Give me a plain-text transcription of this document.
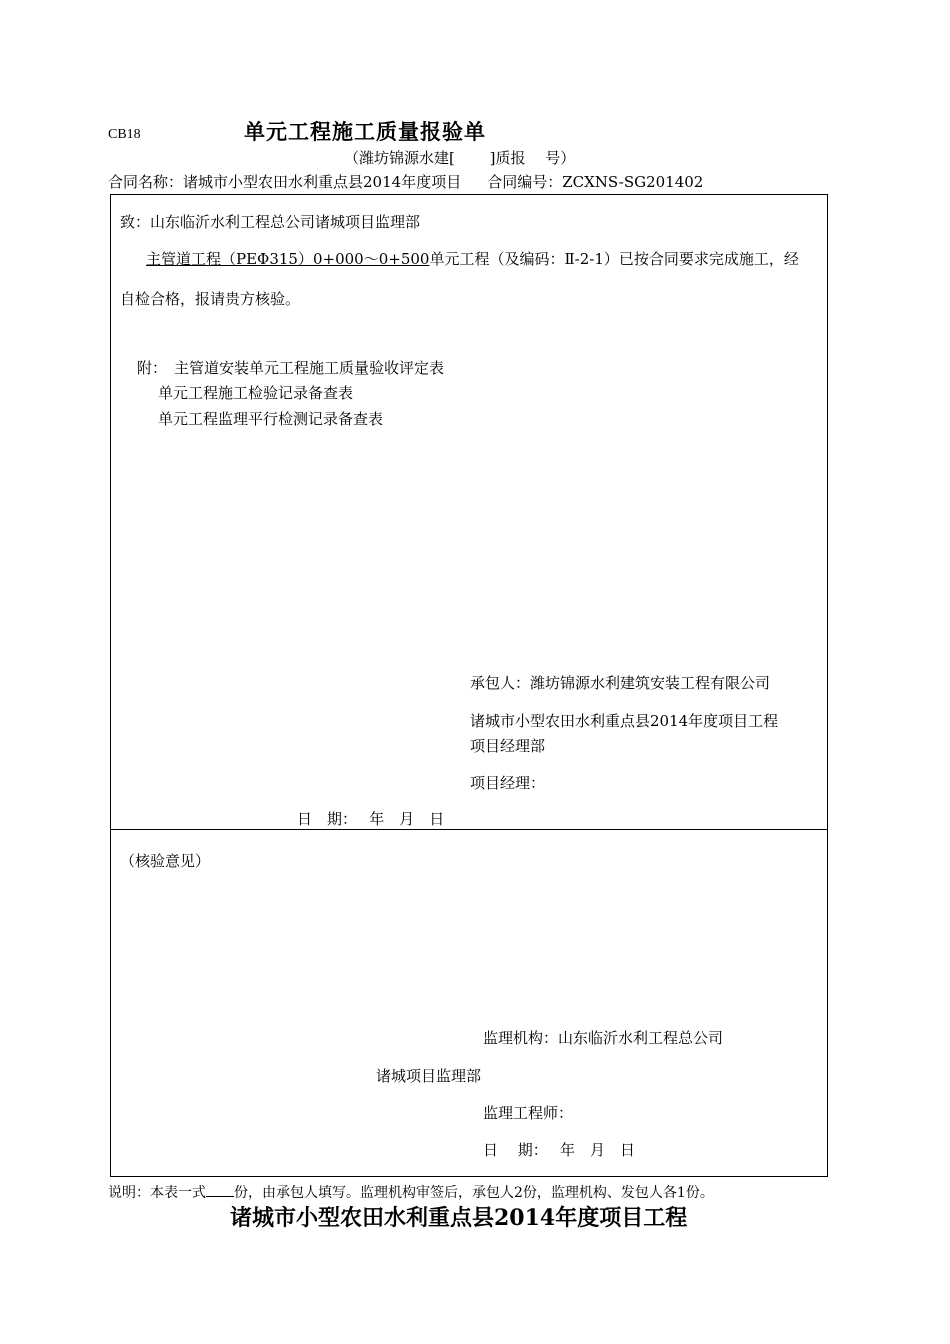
CB18	单元工程施工质量报验单
（潍坊锦源水建[　　 ]质报　 号）
合同名称：诸城市小型农田水利重点县2014年度项目 合同编号：ZCXNS-SG201402
致：山东临沂水利工程总公司诸城项目监理部
主管道工程（PEΦ315）0+000～0+500单元工程（及编码：Ⅱ-2-1）已按合同要求完成施工，经
自检合格，报请贵方核验。
附： 主管道安装单元工程施工质量验收评定表
单元工程施工检验记录备查表
单元工程监理平行检测记录备查表
承包人：潍坊锦源水利建筑安装工程有限公司
诸城市小型农田水利重点县2014年度项目工程
项目经理部
项目经理：
日　期：　 年　月　日
（核验意见）
监理机构：山东临沂水利工程总公司
诸城项目监理部
监理工程师：
日　 期：　 年　月　日
说明：本表一式 份，由承包人填写。监理机构审签后，承包人2份，监理机构、发包人各1份。
诸城市小型农田水利重点县2014年度项目工程
